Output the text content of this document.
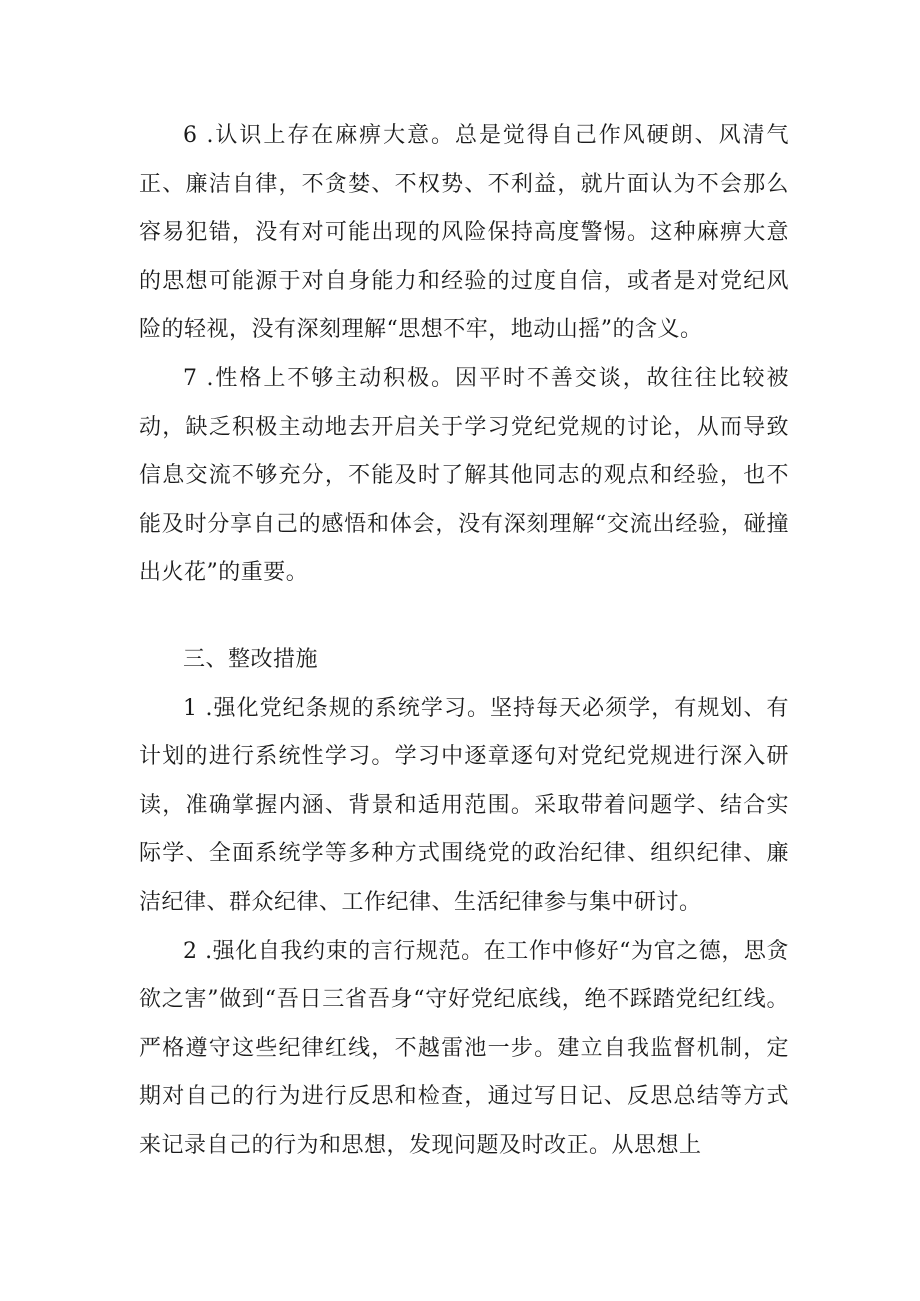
6 .认识上存在麻痹大意。总是觉得自己作风硬朗、风清气正、廉洁自律，不贪婪、不权势、不利益，就片面认为不会那么容易犯错，没有对可能出现的风险保持高度警惕。这种麻痹大意的思想可能源于对自身能力和经验的过度自信，或者是对党纪风险的轻视，没有深刻理解“思想不牢，地动山摇”的含义。

7 .性格上不够主动积极。因平时不善交谈，故往往比较被动，缺乏积极主动地去开启关于学习党纪党规的讨论，从而导致信息交流不够充分，不能及时了解其他同志的观点和经验，也不能及时分享自己的感悟和体会，没有深刻理解“交流出经验，碰撞出火花”的重要。

三、整改措施

1 .强化党纪条规的系统学习。坚持每天必须学，有规划、有计划的进行系统性学习。学习中逐章逐句对党纪党规进行深入研读，准确掌握内涵、背景和适用范围。采取带着问题学、结合实际学、全面系统学等多种方式围绕党的政治纪律、组织纪律、廉洁纪律、群众纪律、工作纪律、生活纪律参与集中研讨。

2 .强化自我约束的言行规范。在工作中修好“为官之德，思贪欲之害”做到“吾日三省吾身“守好党纪底线，绝不踩踏党纪红线。严格遵守这些纪律红线，不越雷池一步。建立自我监督机制，定期对自己的行为进行反思和检查，通过写日记、反思总结等方式来记录自己的行为和思想，发现问题及时改正。从思想上
